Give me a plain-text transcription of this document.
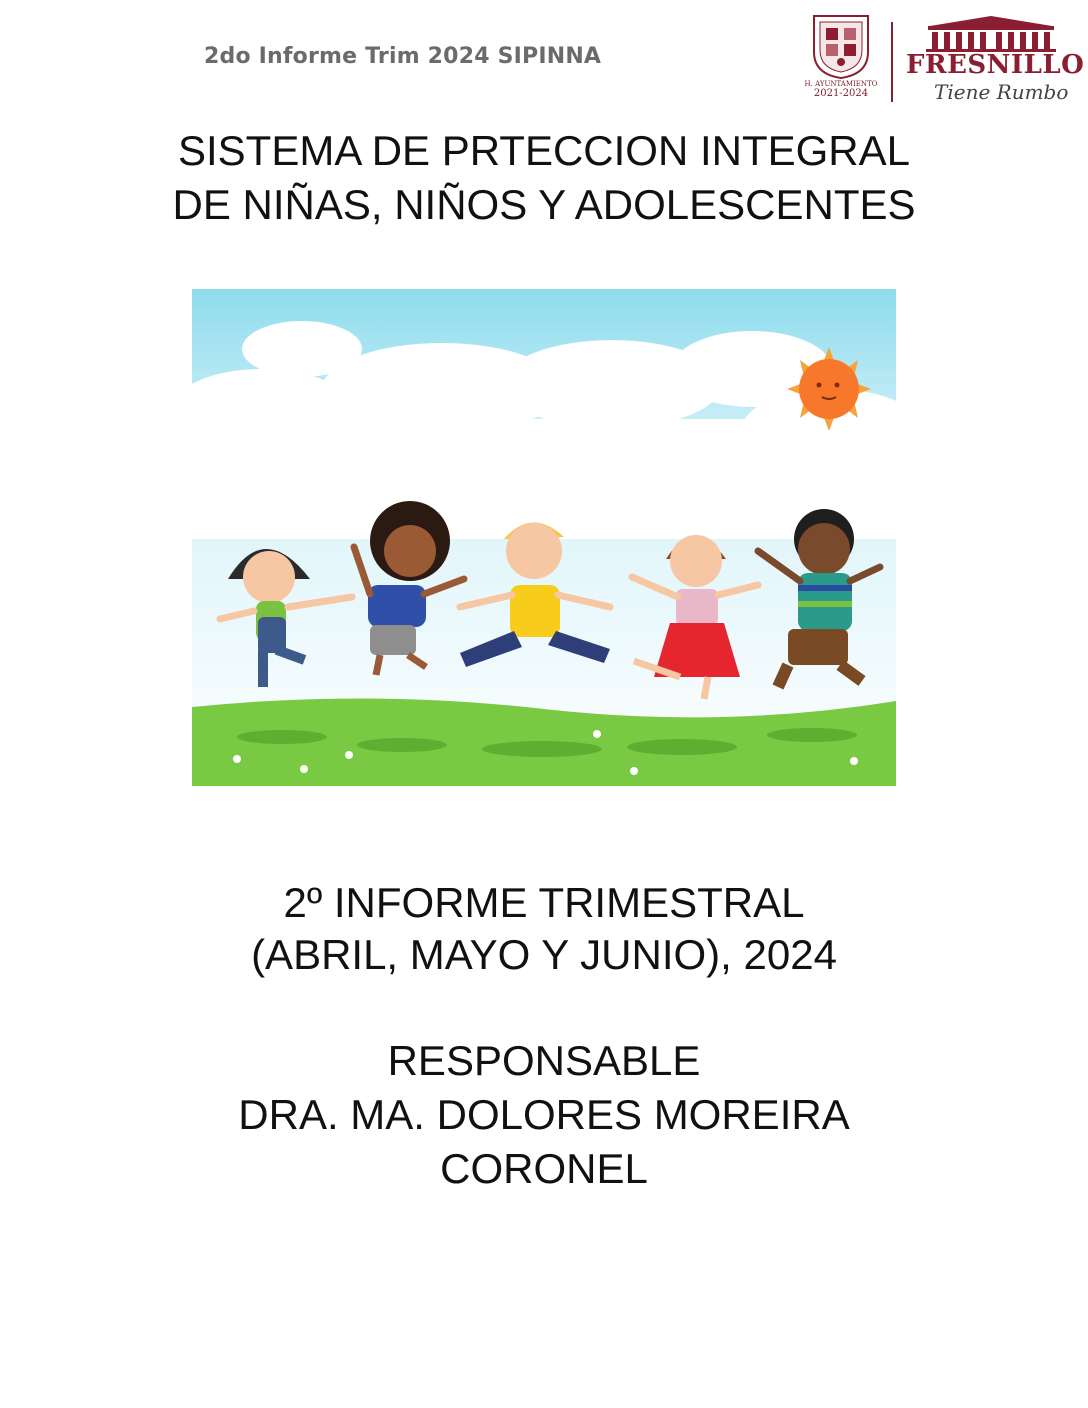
2do Informe Trim 2024 SIPINNA
H. AYUNTAMIENTO
2021-2024
FRESNILLO
Tiene Rumbo
SISTEMA DE PRTECCION INTEGRAL
DE NIÑAS, NIÑOS Y ADOLESCENTES
2º INFORME TRIMESTRAL
(ABRIL, MAYO Y JUNIO), 2024
RESPONSABLE
DRA. MA. DOLORES MOREIRA
CORONEL
